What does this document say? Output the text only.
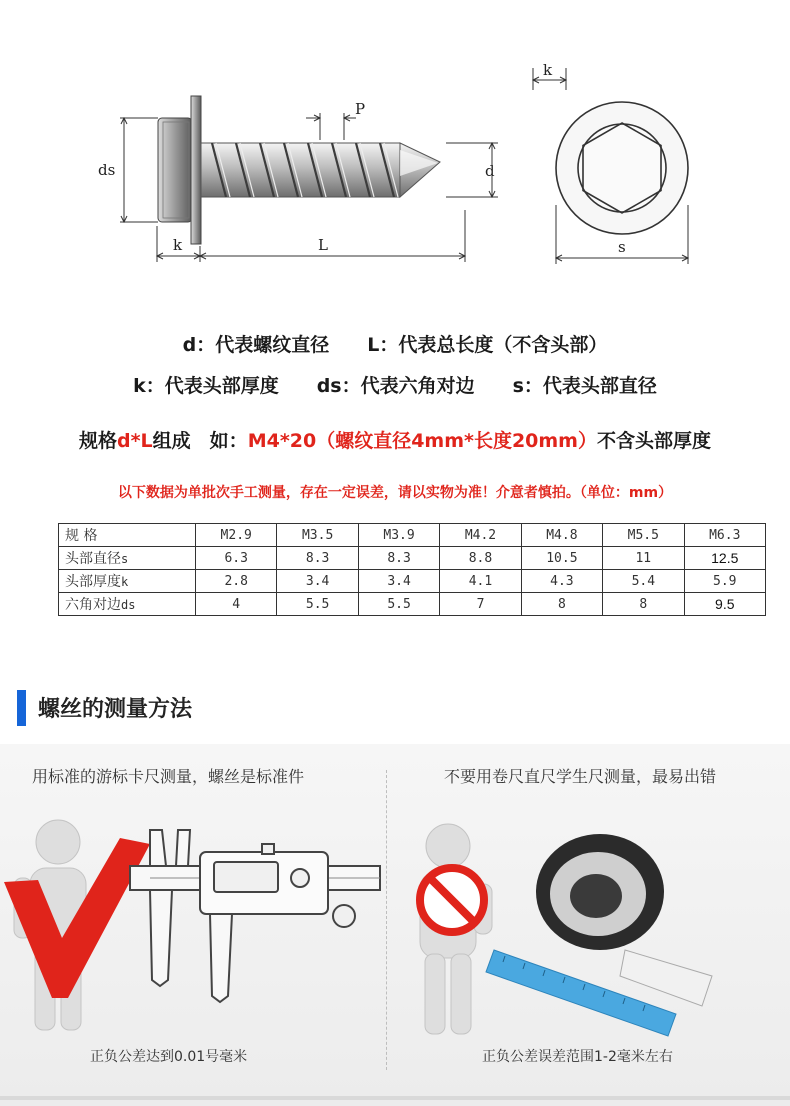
k
P
ds	d
k	L	s
d：代表螺纹直径 L：代表总长度（不含头部）
k：代表头部厚度 ds：代表六角对边 s：代表头部直径
规格d*L组成　如：M4*20（螺纹直径4mm*长度20mm）不含头部厚度
以下数据为单批次手工测量，存在一定误差，请以实物为准！介意者慎拍。（单位：mm）
规 格	M2.9	M3.5	M3.9	M4.2	M4.8	M5.5	M6.3
头部直径s	6.3	8.3	8.3	8.8	10.5	11	12.5
头部厚度k	2.8	3.4	3.4	4.1	4.3	5.4	5.9
六角对边ds	4	5.5	5.5	7	8	8	9.5
螺丝的测量方法
用标准的游标卡尺测量，螺丝是标准件	不要用卷尺直尺学生尺测量，最易出错
正负公差达到0.01号毫米	正负公差误差范围1-2毫米左右
